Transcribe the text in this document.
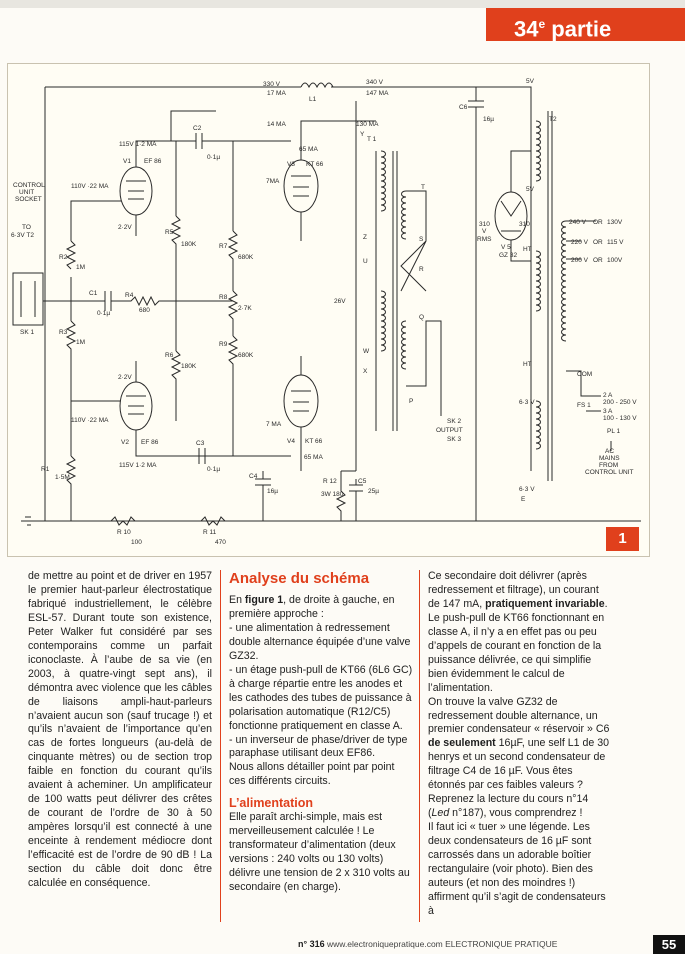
34e partie
330 V
17 MA
L1
340 V
147 MA
5V
115V 1·2 MA
V1 EF 86
110V ·22 MA
2·2V
2·2V
110V ·22 MA
V2 EF 86
115V 1·2 MA
CONTROL
UNIT
SOCKET
TO
6·3V T2
SK 1
C1
0·1µ
C2
0·1µ
C3
0·1µ
R1
1·5M
R2
1M
R3
1M
R4
680
R5
180K
R6
180K
R7
680K
R8
2·7K
R9
680K
R 10
100
R 11
470
R 12
3W 180
65 MA
V3 KT 66
7MA
14 MA	130 MA
7 MA
V4 KT 66
65 MA
26V
C4
16µ
C5
25µ
C6
16µ
T 1
Y
Z
U
W
X
P
Q
T
S
R
SK 2
OUTPUT
SK 3
310
V
RMS
310
V 5
GZ 32
HT
HT
5V
T2
240 V OR 130V
220 V OR 115 V
200 V OR 100V
COM
2 A
200 - 250 V
3 A
100 - 130 V
FS 1
PL 1
AC
MAINS
FROM
CONTROL UNIT
6·3 V
6·3 V
E
1

de mettre au point et de driver en 1957 le premier haut-parleur électrostatique fabriqué industriellement, le célèbre ESL-57. Durant toute son existence, Peter Walker fut considéré par ses contemporains comme un parfait iconoclaste. À l’aube de sa vie (en 2003, à quatre-vingt sept ans), il démontra avec violence que les câbles de liaisons ampli-haut-parleurs n’avaient aucun son (sauf trucage !) et qu’ils n’avaient de l’importance qu’en cas de fortes longueurs (au-delà de cinquante mètres) ou de section trop faible en fonction du courant qu’ils avaient à acheminer. Un amplificateur de 100 watts peut délivrer des crêtes de courant de l’ordre de 30 à 50 ampères lorsqu’il est connecté à une enceinte à rendement médiocre dont l’efficacité est de l’ordre de 90 dB ! La section du câble doit donc être calculée en conséquence.

Analyse du schéma

En figure 1, de droite à gauche, en première approche :

- une alimentation à redressement double alternance équipée d’une valve GZ32.

- un étage push-pull de KT66 (6L6 GC) à charge répartie entre les anodes et les cathodes des tubes de puissance à polarisation automatique (R12/C5) fonctionne pratiquement en classe A.

- un inverseur de phase/driver de type paraphase utilisant deux EF86.

Nous allons détailler point par point ces différents circuits.

L’alimentation

Elle paraît archi-simple, mais est merveilleusement calculée ! Le transformateur d’alimentation (deux versions : 240 volts ou 130 volts) délivre une tension de 2 x 310 volts au secondaire (en charge).

Ce secondaire doit délivrer (après redressement et filtrage), un courant de 147 mA, pratiquement invariable. Le push-pull de KT66 fonctionnant en classe A, il n’y a en effet pas ou peu d’appels de courant en fonction de la puissance délivrée, ce qui simplifie bien évidemment le calcul de l’alimentation.

On trouve la valve GZ32 de redressement double alternance, un premier condensateur « réservoir » C6 de seulement 16µF, une self L1 de 30 henrys et un second condensateur de filtrage C4 de 16 µF. Vous êtes étonnés par ces faibles valeurs ? Reprenez la lecture du cours n°14 (Led n°187), vous comprendrez !

Il faut ici « tuer » une légende. Les deux condensateurs de 16 µF sont carrossés dans un adorable boîtier rectangulaire (voir photo). Bien des auteurs (et non des moindres !) affirment qu’il s’agit de condensateurs à

n° 316 www.electroniquepratique.com ELECTRONIQUE PRATIQUE	55
